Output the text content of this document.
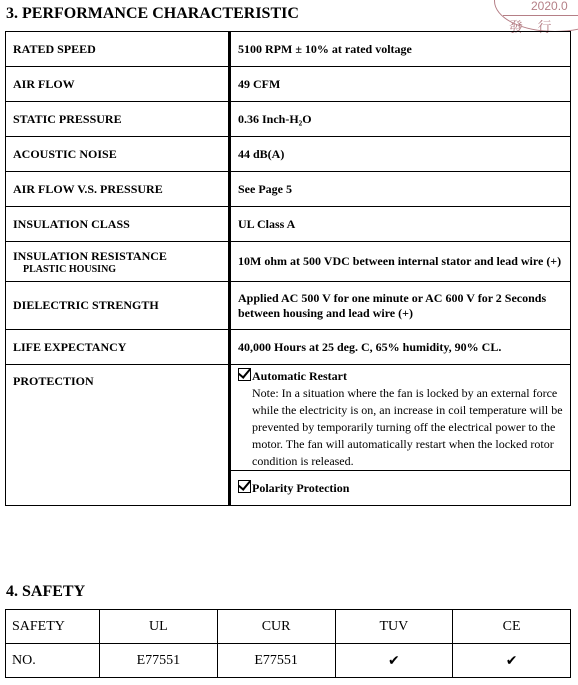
2020.0
發 行
3. PERFORMANCE CHARACTERISTIC
RATED SPEED	5100 RPM ± 10% at rated voltage
AIR FLOW	49 CFM
STATIC PRESSURE	0.36 Inch-H₂O
ACOUSTIC NOISE	44 dB(A)
AIR FLOW V.S. PRESSURE	See Page 5
INSULATION CLASS	UL Class A
INSULATION RESISTANCE
PLASTIC HOUSING	10M ohm at 500 VDC between internal stator and lead wire (+)
DIELECTRIC STRENGTH	Applied AC 500 V for one minute or AC 600 V for 2 Seconds between housing and lead wire (+)
LIFE EXPECTANCY	40,000 Hours at 25 deg. C, 65% humidity, 90% CL.
PROTECTION	Automatic Restart
Note: In a situation where the fan is locked by an external force while the electricity is on, an increase in coil temperature will be prevented by temporarily turning off the electrical power to the motor. The fan will automatically restart when the locked rotor condition is released.

	Polarity Protection
4. SAFETY
SAFETY	UL	CUR	TUV	CE
NO.	E77551	E77551	✔	✔
